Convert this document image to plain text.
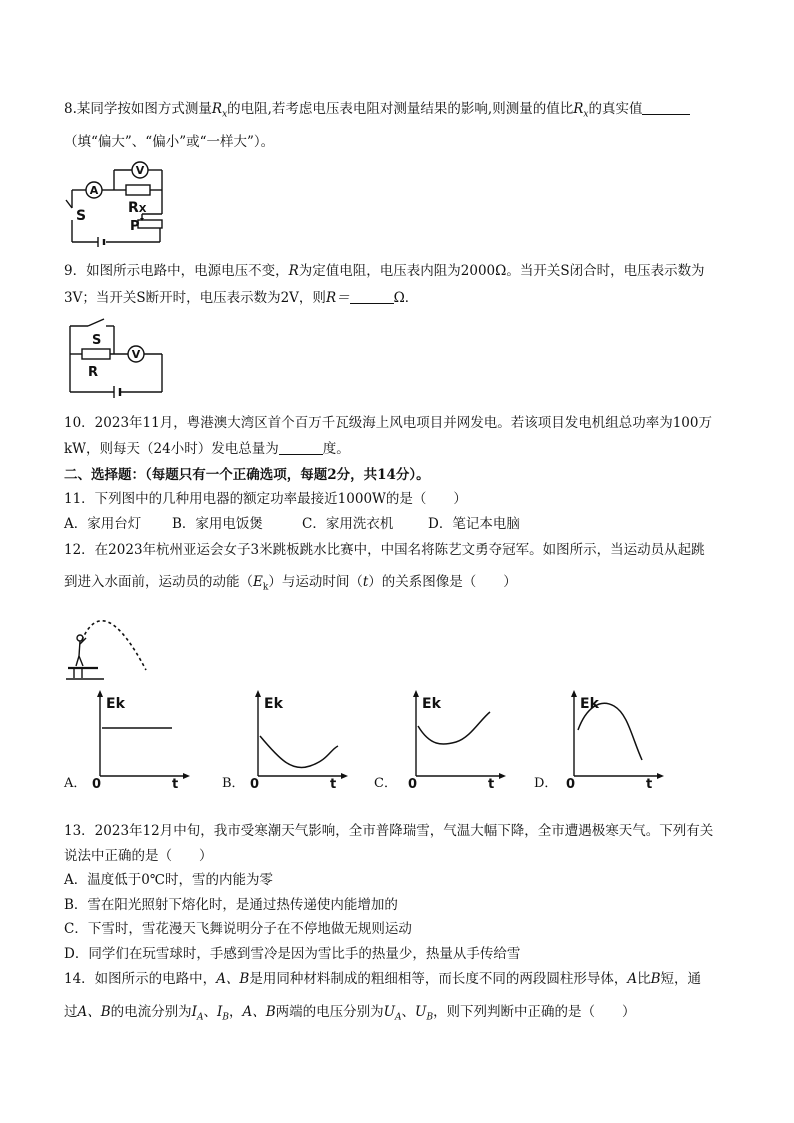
8.某同学按如图方式测量$R_x$的电阻,若考虑电压表电阻对测量结果的影响,则测量的值比$R_x$的真实值
（填“偏大”、“偏小”或“一样大”）。
A
V
S	RX
P
9．如图所示电路中，电源电压不变，R为定值电阻，电压表内阻为2000Ω。当开关S闭合时，电压表示数为
3V；当开关S断开时，电压表示数为2V，则R＝	Ω．
S
R
V
10．2023年11月，粤港澳大湾区首个百万千瓦级海上风电项目并网发电。若该项目发电机组总功率为100万
kW，则每天（24小时）发电总量为	度。
二、选择题：（每题只有一个正确选项，每题2分，共14分）。
11．下列图中的几种用电器的额定功率最接近1000W的是（　　）
A．家用台灯 B．家用电饭煲	C．家用洗衣机	D．笔记本电脑
12．在2023年杭州亚运会女子3米跳板跳水比赛中，中国名将陈艺文勇夺冠军。如图所示，当运动员从起跳
到进入水面前，运动员的动能$(E_k)$与运动时间（t）的关系图像是（　　）
Ek
0	t
A．
Ek
0	t
B．
Ek
0	t
C．
Ek
0	t
D．
13．2023年12月中旬，我市受寒潮天气影响，全市普降瑞雪，气温大幅下降，全市遭遇极寒天气。下列有关
说法中正确的是（　　）
A．温度低于0℃时，雪的内能为零
B．雪在阳光照射下熔化时，是通过热传递使内能增加的
C．下雪时，雪花漫天飞舞说明分子在不停地做无规则运动
D．同学们在玩雪球时，手感到雪冷是因为雪比手的热量少，热量从手传给雪
14．如图所示的电路中，A、B是用同种材料制成的粗细相等，而长度不同的两段圆柱形导体，A比B短，通
过A、B的电流分别为$I_A$、$I_B$，A、B两端的电压分别为$U_A$、$U_B$，则下列判断中正确的是（　　）
